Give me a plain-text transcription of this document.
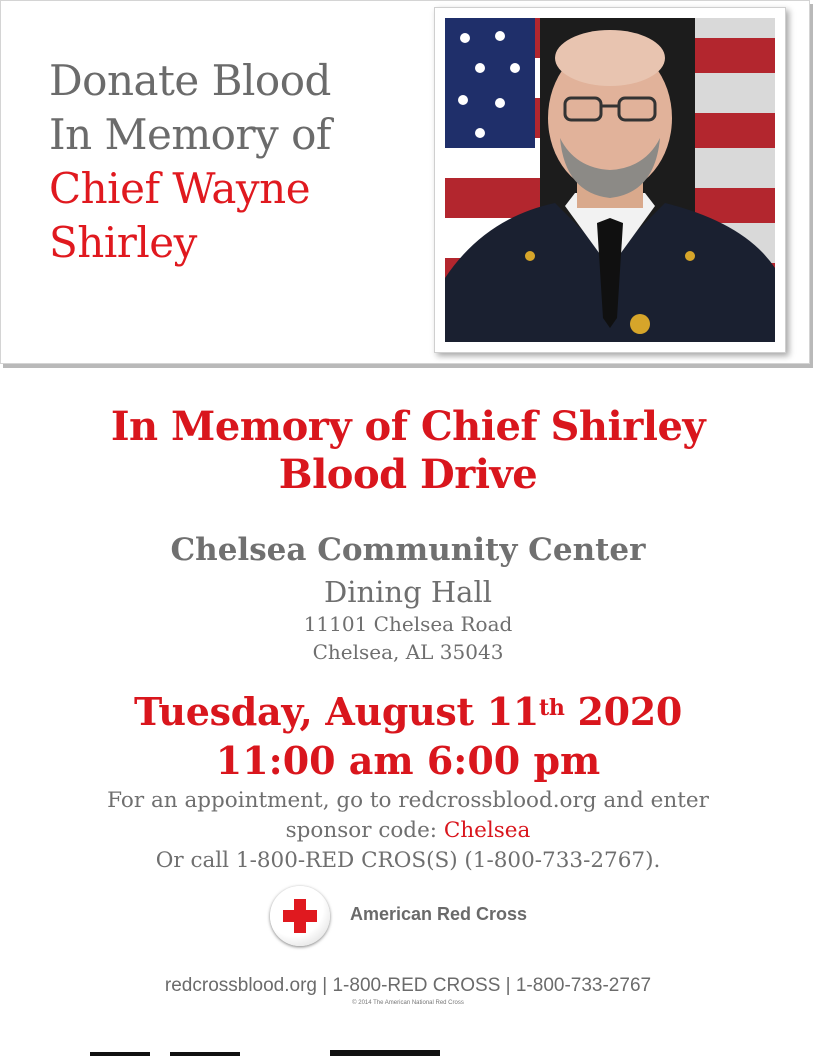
Donate Blood
In Memory of
Chief Wayne
Shirley
In Memory of Chief Shirley
Blood Drive
Chelsea Community Center
Dining Hall
11101 Chelsea Road
Chelsea, AL 35043
Tuesday, August 11th 2020
11:00 am 6:00 pm
For an appointment, go to redcrossblood.org and enter
sponsor code: Chelsea
Or call 1-800-RED CROS(S) (1-800-733-2767).
American Red Cross
redcrossblood.org | 1-800-RED CROSS | 1-800-733-2767
© 2014 The American National Red Cross
